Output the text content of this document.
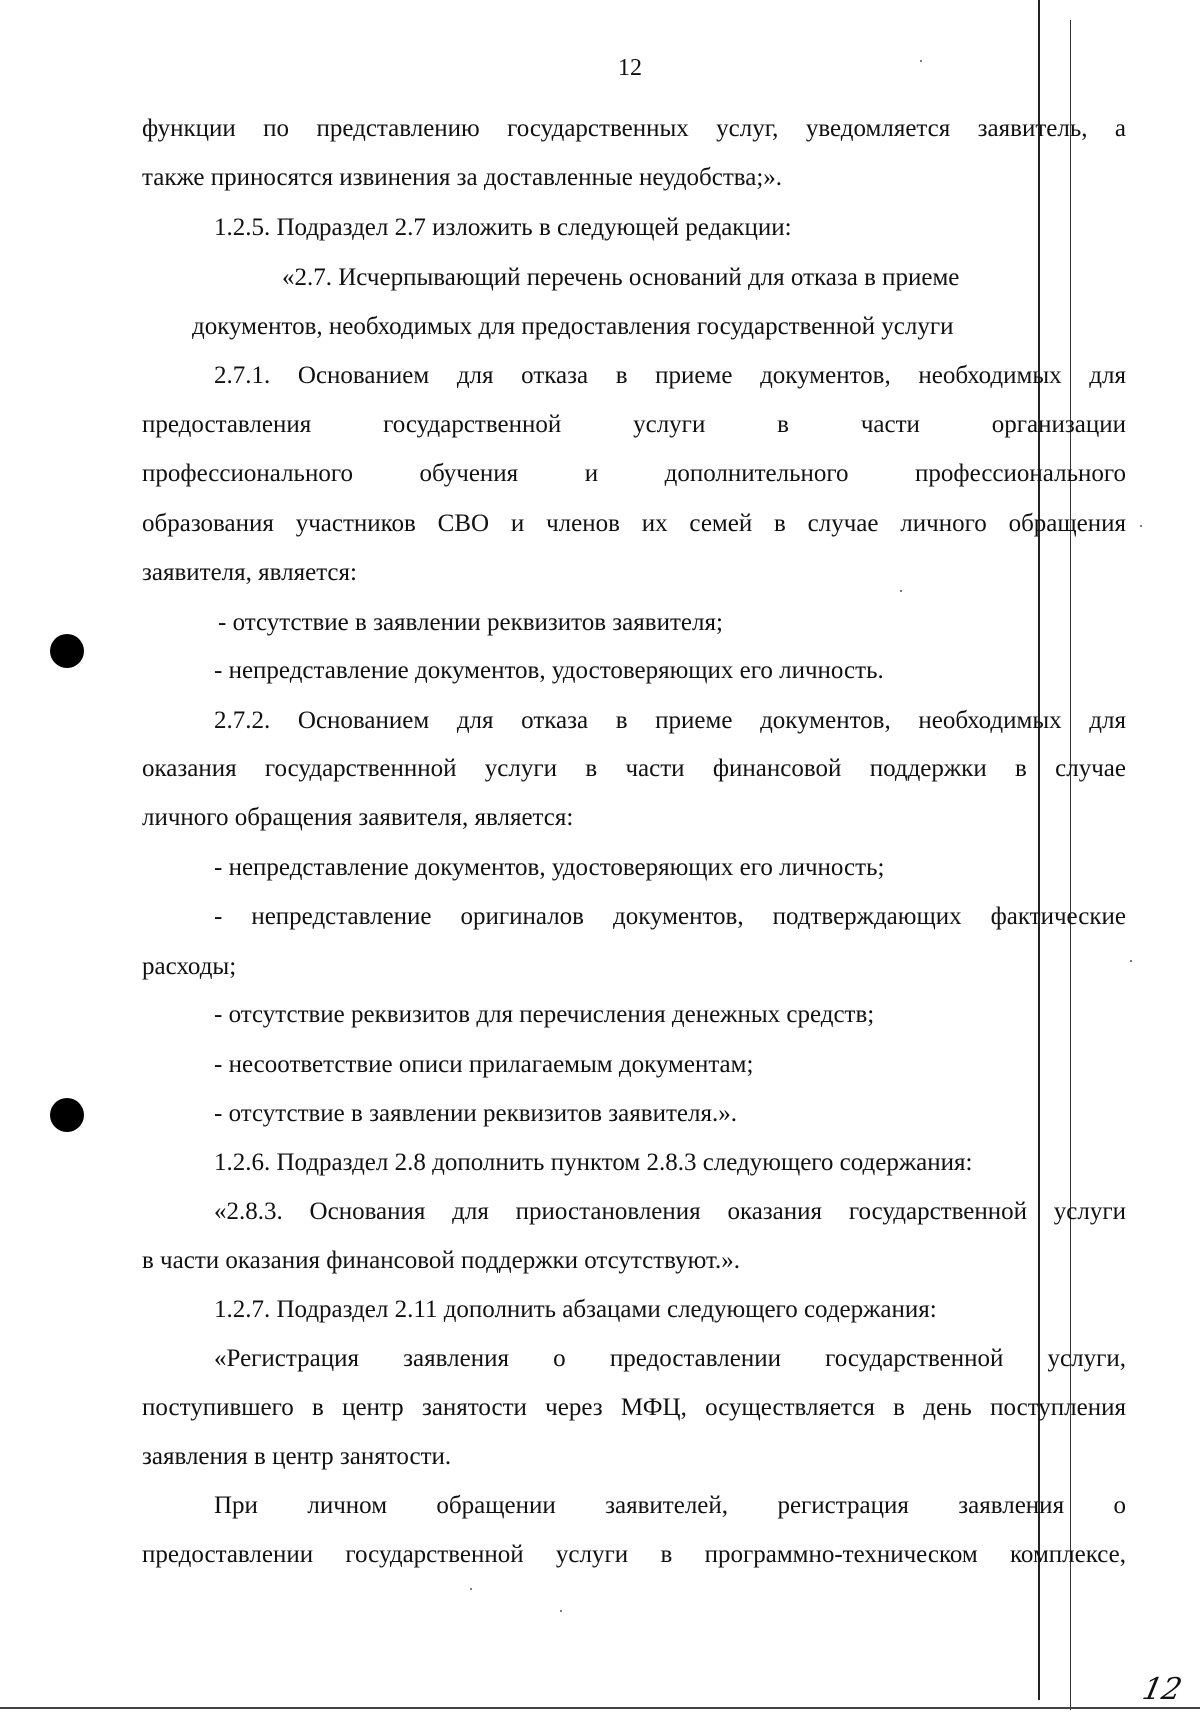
12
функции по представлению государственных услуг, уведомляется заявитель, а
также приносятся извинения за доставленные неудобства;».
1.2.5. Подраздел 2.7 изложить в следующей редакции:
«2.7. Исчерпывающий перечень оснований для отказа в приеме
документов, необходимых для предоставления государственной услуги
2.7.1. Основанием для отказа в приеме документов, необходимых для
предоставления государственной услуги в части организации
профессионального обучения и дополнительного профессионального
образования участников СВО и членов их семей в случае личного обращения
заявителя, является:
- отсутствие в заявлении реквизитов заявителя;
- непредставление документов, удостоверяющих его личность.
2.7.2. Основанием для отказа в приеме документов, необходимых для
оказания государственнной услуги в части финансовой поддержки в случае
личного обращения заявителя, является:
- непредставление документов, удостоверяющих его личность;
- непредставление оригиналов документов, подтверждающих фактические
расходы;
- отсутствие реквизитов для перечисления денежных средств;
- несоответствие описи прилагаемым документам;
- отсутствие в заявлении реквизитов заявителя.».
1.2.6. Подраздел 2.8 дополнить пунктом 2.8.3 следующего содержания:
«2.8.3. Основания для приостановления оказания государственной услуги
в части оказания финансовой поддержки отсутствуют.».
1.2.7. Подраздел 2.11 дополнить абзацами следующего содержания:
«Регистрация заявления о предоставлении государственной услуги,
поступившего в центр занятости через МФЦ, осуществляется в день поступления
заявления в центр занятости.
При личном обращении заявителей, регистрация заявления о
предоставлении государственной услуги в программно-техническом комплексе,
12
